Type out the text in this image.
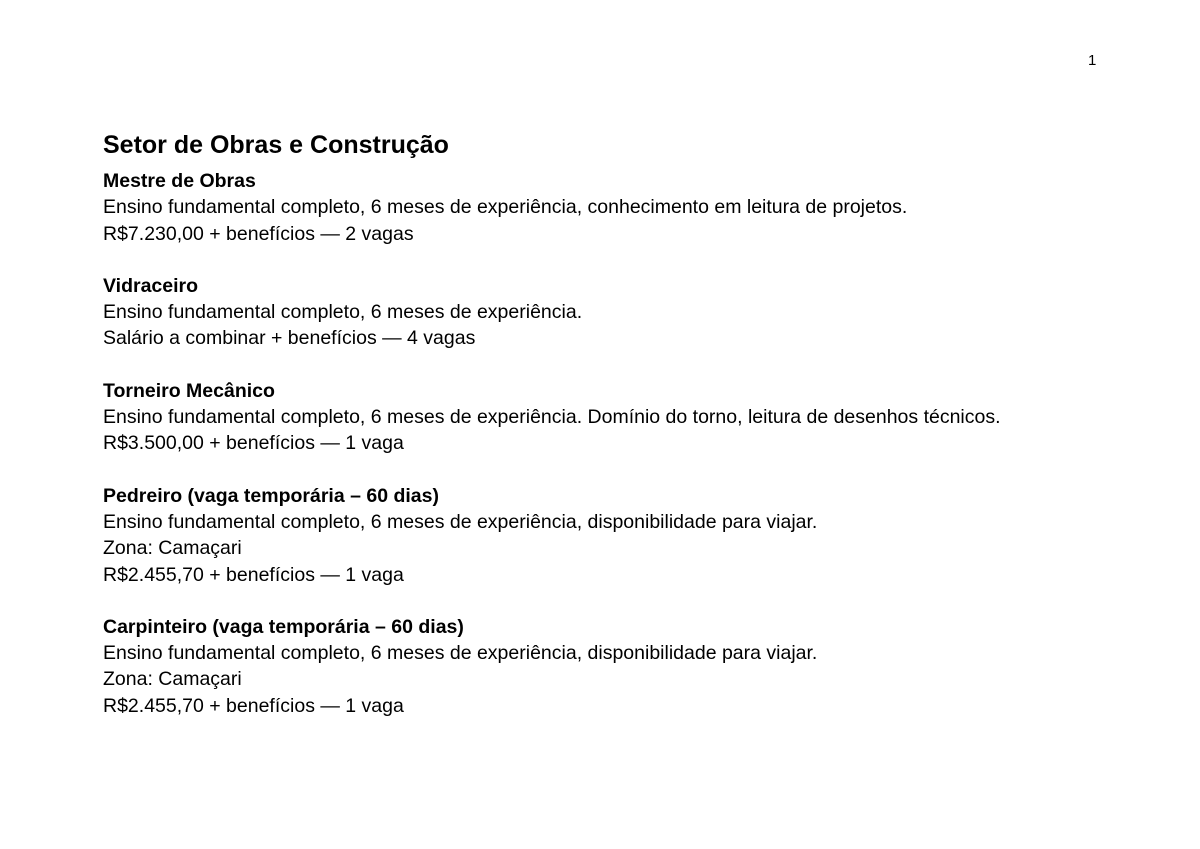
1
Setor de Obras e Construção
Mestre de Obras
Ensino fundamental completo, 6 meses de experiência, conhecimento em leitura de projetos.
R$7.230,00 + benefícios — 2 vagas
Vidraceiro
Ensino fundamental completo, 6 meses de experiência.
Salário a combinar + benefícios — 4 vagas
Torneiro Mecânico
Ensino fundamental completo, 6 meses de experiência. Domínio do torno, leitura de desenhos técnicos.
R$3.500,00 + benefícios — 1 vaga
Pedreiro (vaga temporária – 60 dias)
Ensino fundamental completo, 6 meses de experiência, disponibilidade para viajar.
Zona: Camaçari
R$2.455,70 + benefícios — 1 vaga
Carpinteiro (vaga temporária – 60 dias)
Ensino fundamental completo, 6 meses de experiência, disponibilidade para viajar.
Zona: Camaçari
R$2.455,70 + benefícios — 1 vaga
